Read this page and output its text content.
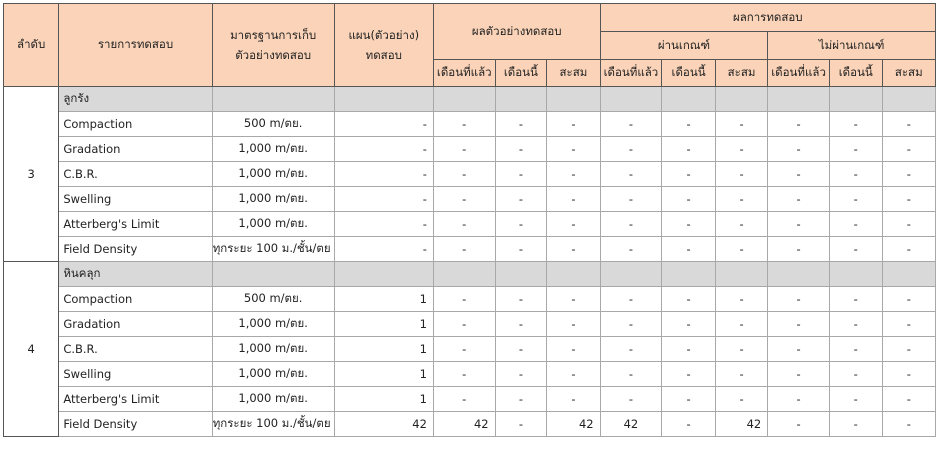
ลำดับ	รายการทดสอบ	มาตรฐานการเก็บตัวอย่างทดสอบ	แผน(ตัวอย่าง) ทดสอบ	ผลตัวอย่างทดสอบ			ผลการทดสอบ					
							ผ่านเกณฑ์			ไม่ผ่านเกณฑ์		
				เดือนที่แล้ว	เดือนนี้	สะสม	เดือนที่แล้ว	เดือนนี้	สะสม	เดือนที่แล้ว	เดือนนี้	สะสม
3	ลูกรัง											
	Compaction	500 m/ตย.	-	-	-	-	-	-	-	-	-	-
	Gradation	1,000 m/ตย.	-	-	-	-	-	-	-	-	-	-
	C.B.R.	1,000 m/ตย.	-	-	-	-	-	-	-	-	-	-
	Swelling	1,000 m/ตย.	-	-	-	-	-	-	-	-	-	-
	Atterberg's Limit	1,000 m/ตย.	-	-	-	-	-	-	-	-	-	-
	Field Density	ทุกระยะ 100 ม./ชั้น/ตย	-	-	-	-	-	-	-	-	-	-
4	หินคลุก											
	Compaction	500 m/ตย.	1	-	-	-	-	-	-	-	-	-
	Gradation	1,000 m/ตย.	1	-	-	-	-	-	-	-	-	-
	C.B.R.	1,000 m/ตย.	1	-	-	-	-	-	-	-	-	-
	Swelling	1,000 m/ตย.	1	-	-	-	-	-	-	-	-	-
	Atterberg's Limit	1,000 m/ตย.	1	-	-	-	-	-	-	-	-	-
	Field Density	ทุกระยะ 100 ม./ชั้น/ตย	42	42	-	42	42	-	42	-	-	-
